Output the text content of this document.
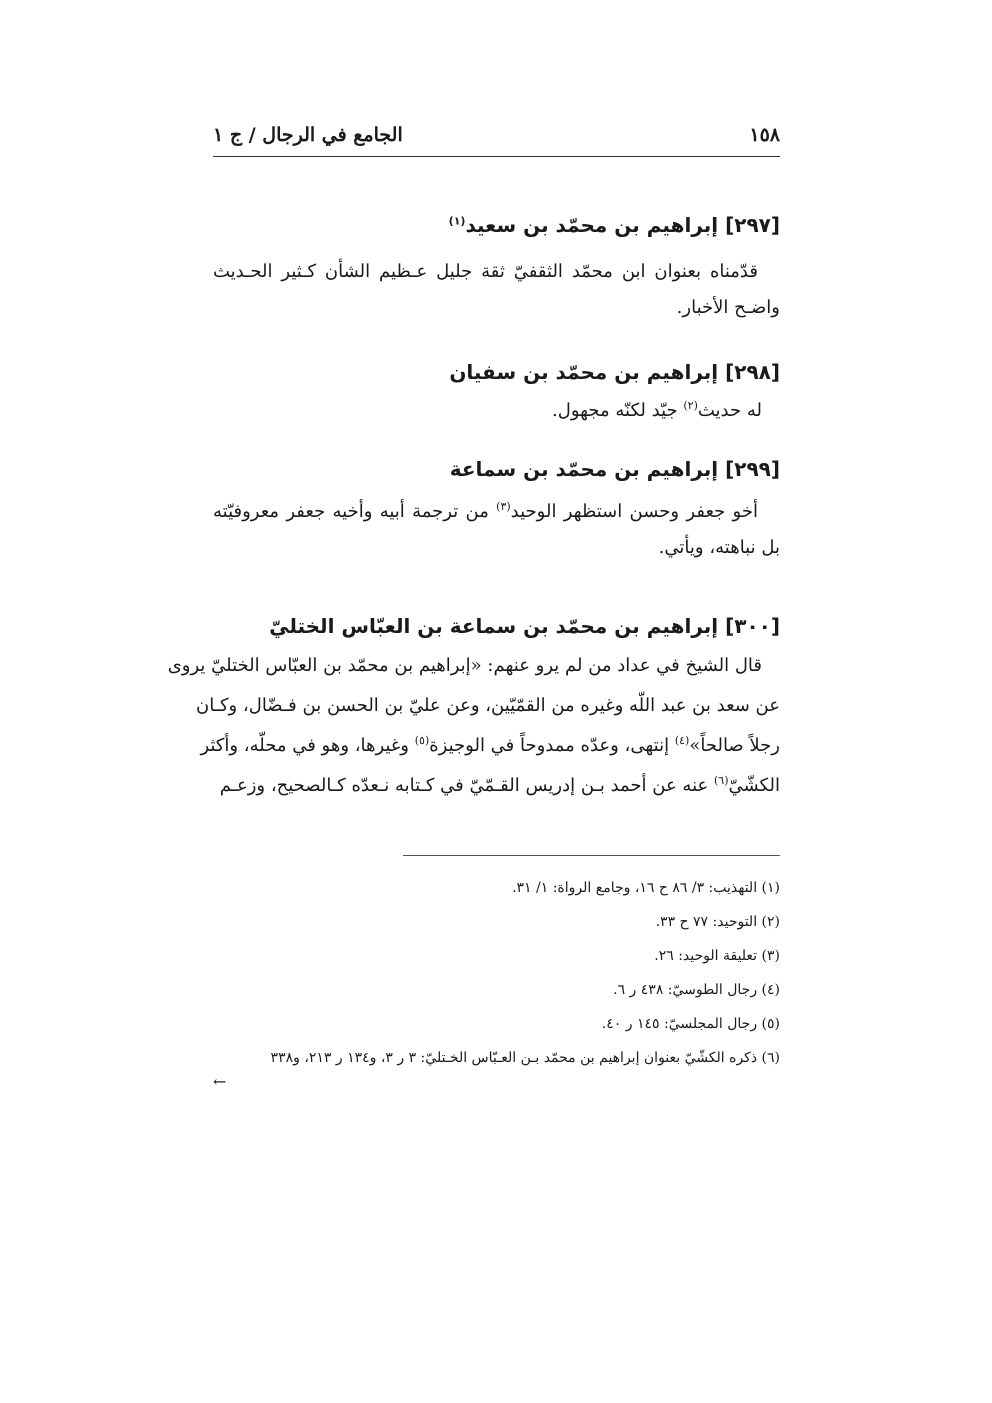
١٥٨
الجامع في الرجال / ج ١
[٢٩٧] إبراهيم بن محمّد بن سعيد$^{(١)}$
قدّمناه بعنوان ابن محمّد الثقفيّ ثقة جليل عـظيم الشأن كـثير الحـديث واضـح الأخبار.
[٢٩٨] إبراهيم بن محمّد بن سفيان
له حديث$^{(٢)}$ جيّد لكنّه مجهول.
[٢٩٩] إبراهيم بن محمّد بن سماعة
أخو جعفر وحسن استظهر الوحيد$^{(٣)}$ من ترجمة أبيه وأخيه جعفر معروفيّته بل نباهته، ويأتي.
[٣٠٠] إبراهيم بن محمّد بن سماعة بن العبّاس الختليّ
قال الشيخ في عداد من لم يرو عنهم: «إبراهيم بن محمّد بن العبّاس الختليّ يروى
عن سعد بن عبد اللّه وغيره من القمّيّين، وعن عليّ بن الحسن بن فـضّال، وكـان
رجلاً صالحاً»$^{(٤)}$ إنتهى، وعدّه ممدوحاً في الوجيزة$^{(٥)}$ وغيرها، وهو في محلّه، وأكثر
الكشّيّ$^{(٦)}$ عنه عن أحمد بـن إدريس القـمّيّ في كـتابه نـعدّه كـالصحيح، وزعـم
(١) التهذيب: ٣/ ٨٦ ح ١٦، وجامع الرواة: ١/ ٣١.
(٢) التوحيد: ٧٧ ح ٣٣.
(٣) تعليقة الوحيد: ٢٦.
(٤) رجال الطوسيّ: ٤٣٨ ر ٦.
(٥) رجال المجلسيّ: ١٤٥ ر ٤٠.
(٦) ذكره الكشّيّ بعنوان إبراهيم بن محمّد بـن العـبّاس الخـتليّ: ٣ ر ٣، و١٣٤ ر ٢١٣، و٣٣٨
←
